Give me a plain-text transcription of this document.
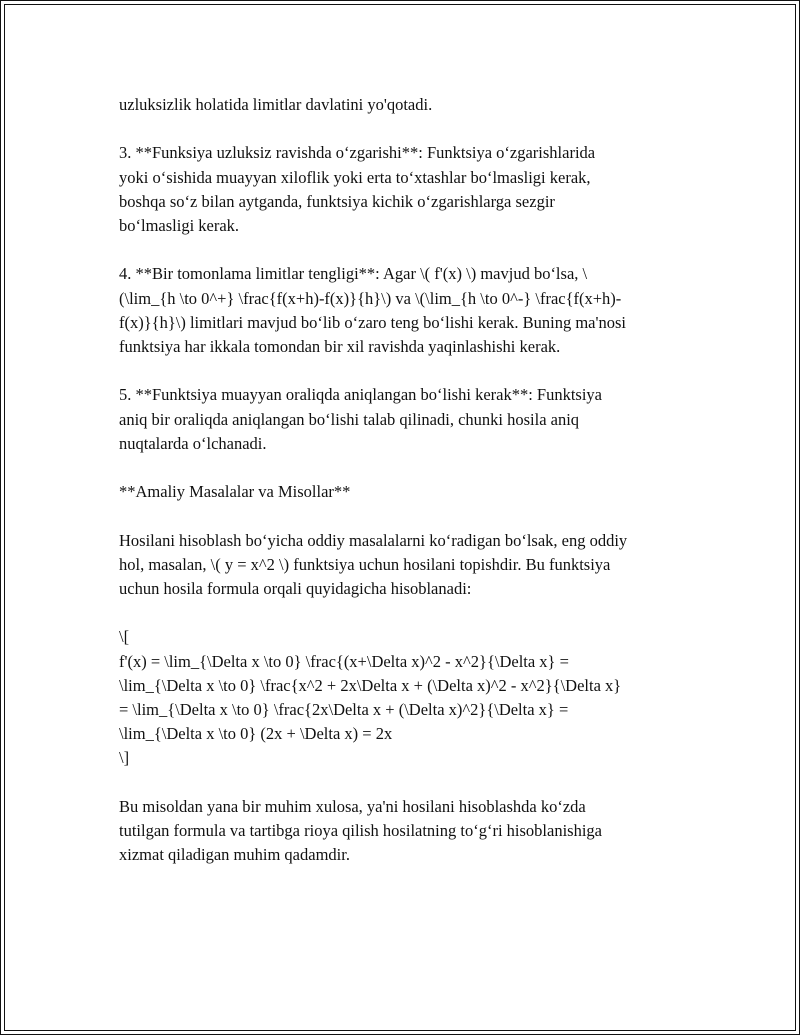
uzluksizlik holatida limitlar davlatini yo'qotadi.

3. **Funksiya uzluksiz ravishda o‘zgarishi**: Funktsiya o‘zgarishlarida
yoki o‘sishida muayyan xiloflik yoki erta to‘xtashlar bo‘lmasligi kerak,
boshqa so‘z bilan aytganda, funktsiya kichik o‘zgarishlarga sezgir
bo‘lmasligi kerak.

4. **Bir tomonlama limitlar tengligi**: Agar \( f'(x) \) mavjud bo‘lsa, \
(\lim_{h \to 0^+} \frac{f(x+h)-f(x)}{h}\) va \(\lim_{h \to 0^-} \frac{f(x+h)-
f(x)}{h}\) limitlari mavjud bo‘lib o‘zaro teng bo‘lishi kerak. Buning ma'nosi
funktsiya har ikkala tomondan bir xil ravishda yaqinlashishi kerak.

5. **Funktsiya muayyan oraliqda aniqlangan bo‘lishi kerak**: Funktsiya
aniq bir oraliqda aniqlangan bo‘lishi talab qilinadi, chunki hosila aniq
nuqtalarda o‘lchanadi.

**Amaliy Masalalar va Misollar**

Hosilani hisoblash bo‘yicha oddiy masalalarni ko‘radigan bo‘lsak, eng oddiy
hol, masalan, \( y = x^2 \) funktsiya uchun hosilani topishdir. Bu funktsiya
uchun hosila formula orqali quyidagicha hisoblanadi:

\[
f'(x) = \lim_{\Delta x \to 0} \frac{(x+\Delta x)^2 - x^2}{\Delta x} =
\lim_{\Delta x \to 0} \frac{x^2 + 2x\Delta x + (\Delta x)^2 - x^2}{\Delta x}
= \lim_{\Delta x \to 0} \frac{2x\Delta x + (\Delta x)^2}{\Delta x} =
\lim_{\Delta x \to 0} (2x + \Delta x) = 2x
\]

Bu misoldan yana bir muhim xulosa, ya'ni hosilani hisoblashda ko‘zda
tutilgan formula va tartibga rioya qilish hosilatning to‘g‘ri hisoblanishiga
xizmat qiladigan muhim qadamdir.
